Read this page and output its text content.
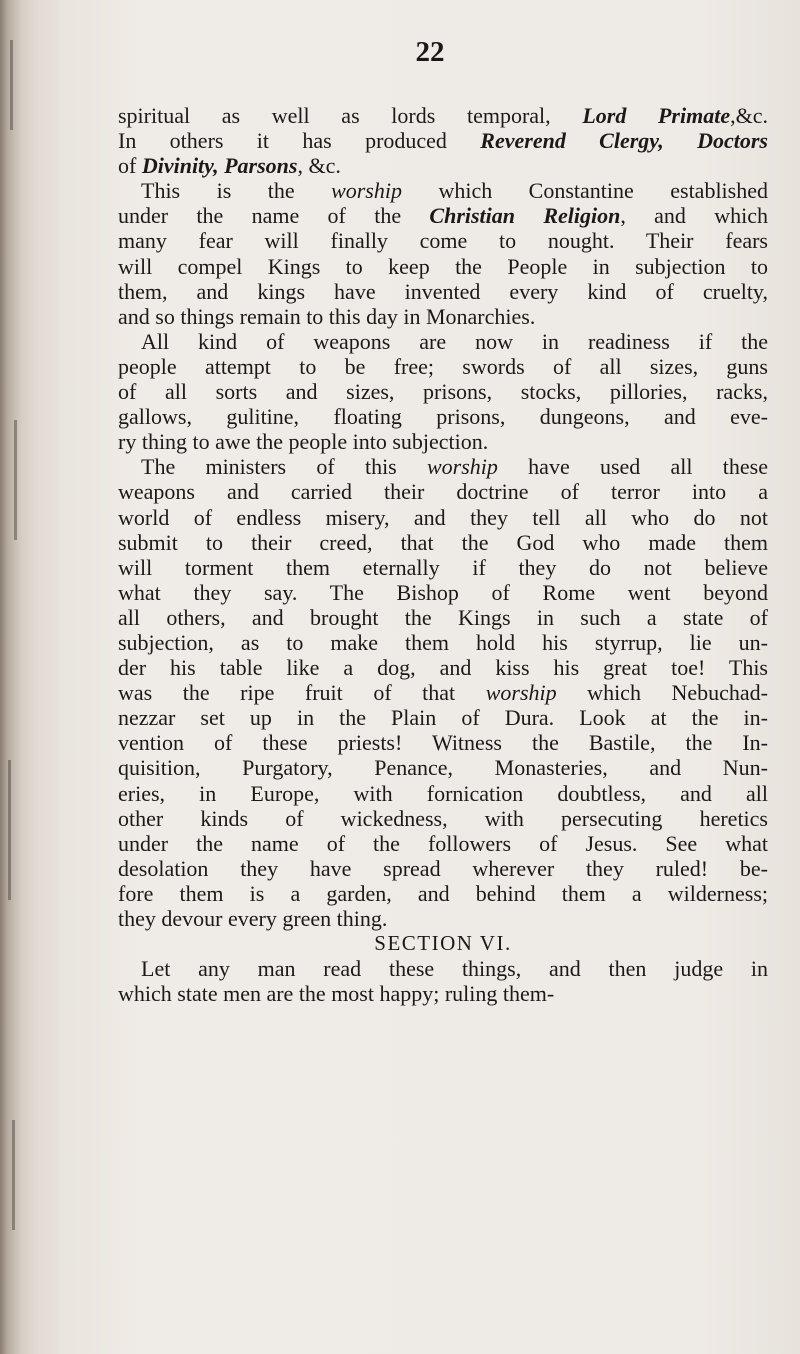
22
spiritual as well as lords temporal, Lord Primate,&c.
In others it has produced Reverend Clergy, Doctors
of Divinity, Parsons, &c.
This is the worship which Constantine established
under the name of the Christian Religion, and which
many fear will finally come to nought. Their fears
will compel Kings to keep the People in subjection to
them, and kings have invented every kind of cruelty,
and so things remain to this day in Monarchies.
All kind of weapons are now in readiness if the
people attempt to be free; swords of all sizes, guns
of all sorts and sizes, prisons, stocks, pillories, racks,
gallows, gulitine, floating prisons, dungeons, and eve-
ry thing to awe the people into subjection.
The ministers of this worship have used all these
weapons and carried their doctrine of terror into a
world of endless misery, and they tell all who do not
submit to their creed, that the God who made them
will torment them eternally if they do not believe
what they say. The Bishop of Rome went beyond
all others, and brought the Kings in such a state of
subjection, as to make them hold his styrrup, lie un-
der his table like a dog, and kiss his great toe! This
was the ripe fruit of that worship which Nebuchad-
nezzar set up in the Plain of Dura. Look at the in-
vention of these priests! Witness the Bastile, the In-
quisition, Purgatory, Penance, Monasteries, and Nun-
eries, in Europe, with fornication doubtless, and all
other kinds of wickedness, with persecuting heretics
under the name of the followers of Jesus. See what
desolation they have spread wherever they ruled! be-
fore them is a garden, and behind them a wilderness;
they devour every green thing.
SECTION VI.
Let any man read these things, and then judge in
which state men are the most happy; ruling them-
